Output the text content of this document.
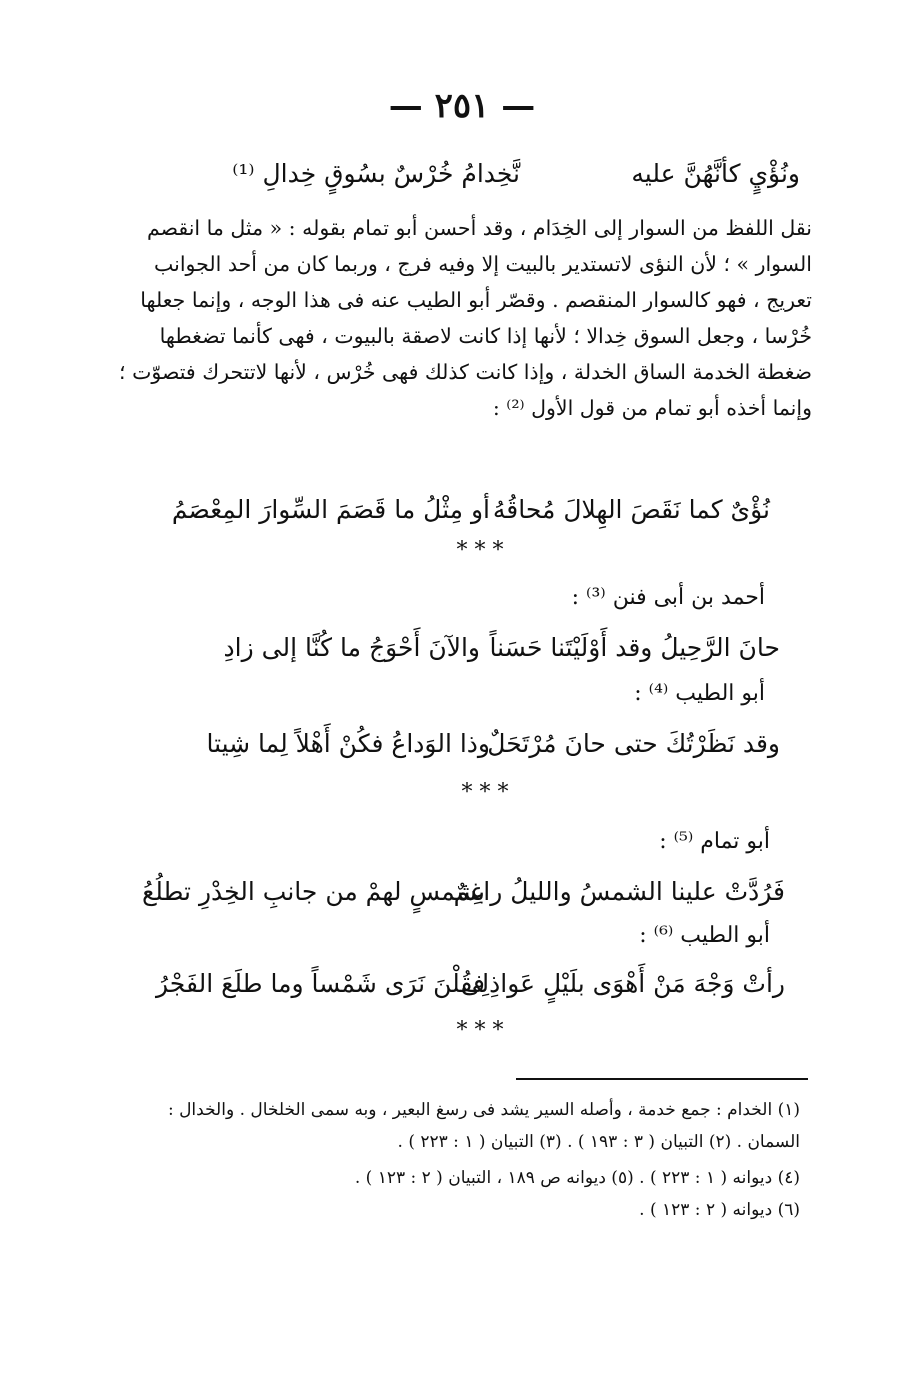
— ٢٥١ —
نَّخِدامُ خُرْسٌ بسُوقٍ خِدالِ ⁽¹⁾	ونُؤْيٍ كأنَّهُنَّ عليه

نقل اللفظ من السوار إلى الخِدَام ، وقد أحسن أبو تمام بقوله : « مثل ما انقصم

السوار » ؛ لأن النؤى لاتستدير بالبيت إلا وفيه فرج ، وربما كان من أحد الجوانب

تعريج ، فهو كالسوار المنقصم . وقصّر أبو الطيب عنه فى هذا الوجه ، وإنما جعلها

خُرْسا ، وجعل السوق خِدالا ؛ لأنها إذا كانت لاصقة بالبيوت ، فهى كأنما تضغطها

ضغطة الخدمة الساق الخدلة ، وإذا كانت كذلك فهى خُرْس ، لأنها لاتتحرك فتصوّت ؛

وإنما أخذه أبو تمام من قول الأول ⁽²⁾ :

أو مِثْلُ ما قَصَمَ السِّوارَ المِعْصَمُ نُؤْىٌ كما نَقَصَ الهِلالَ مُحاقُهُ
* * *
أحمد بن أبى فنن ⁽³⁾ :
والآنَ أَحْوَجُ ما كُنَّا إلى زادِ حانَ الرَّحِيلُ وقد أَوْلَيْتَنا حَسَناً
أبو الطيب ⁽⁴⁾ :
وذا الوَداعُ فكُنْ أَهْلاً لِما شِيتا
وقد نَظَرْتُكَ حتى حانَ مُرْتَحَلٌ
* * *
أبو تمام ⁽⁵⁾ :
بشمسٍ لهمْ من جانبِ الخِدْرِ تطلُعُ
فَرُدَّتْ علينا الشمسُ والليلُ راغِمٌ
أبو الطيب ⁽⁶⁾ :
فقُلْنَ نَرَى شَمْساً وما طلَعَ الفَجْرُ
رأتْ وَجْهَ مَنْ أَهْوَى بلَيْلٍ عَواذِلِى
* * *
(١) الخدام : جمع خدمة ، وأصله السير يشد فى رسغ البعير ، وبه سمى الخلخال . والخدال :
السمان . (٢) التبيان ( ٣ : ١٩٣ ) . (٣) التبيان ( ١ : ٢٢٣ ) .
(٤) ديوانه ( ١ : ٢٢٣ ) . (٥) ديوانه ص ١٨٩ ، التبيان ( ٢ : ١٢٣ ) .
(٦) ديوانه ( ٢ : ١٢٣ ) .
